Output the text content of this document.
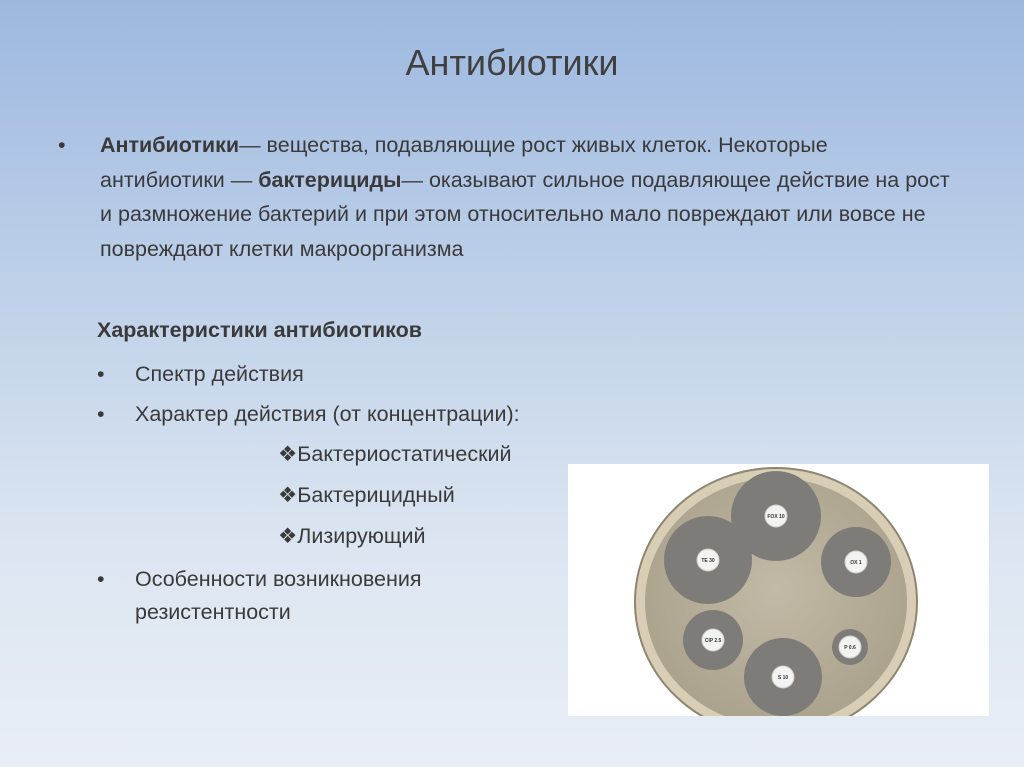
Антибиотики
• Антибиотики— вещества, подавляющие рост живых клеток. Некоторые антибиотики — бактерициды— оказывают сильное подавляющее действие на рост и размножение бактерий и при этом относительно мало повреждают или вовсе не повреждают клетки макроорганизма
Характеристики антибиотиков
• Спектр действия
• Характер действия (от концентрации):
❖Бактериостатический
❖Бактерицидный
❖Лизирующий
• Особенности возникновения резистентности
FOX 10
TE 30	OX 1
CIP 2.5
P 0.6
S 10
